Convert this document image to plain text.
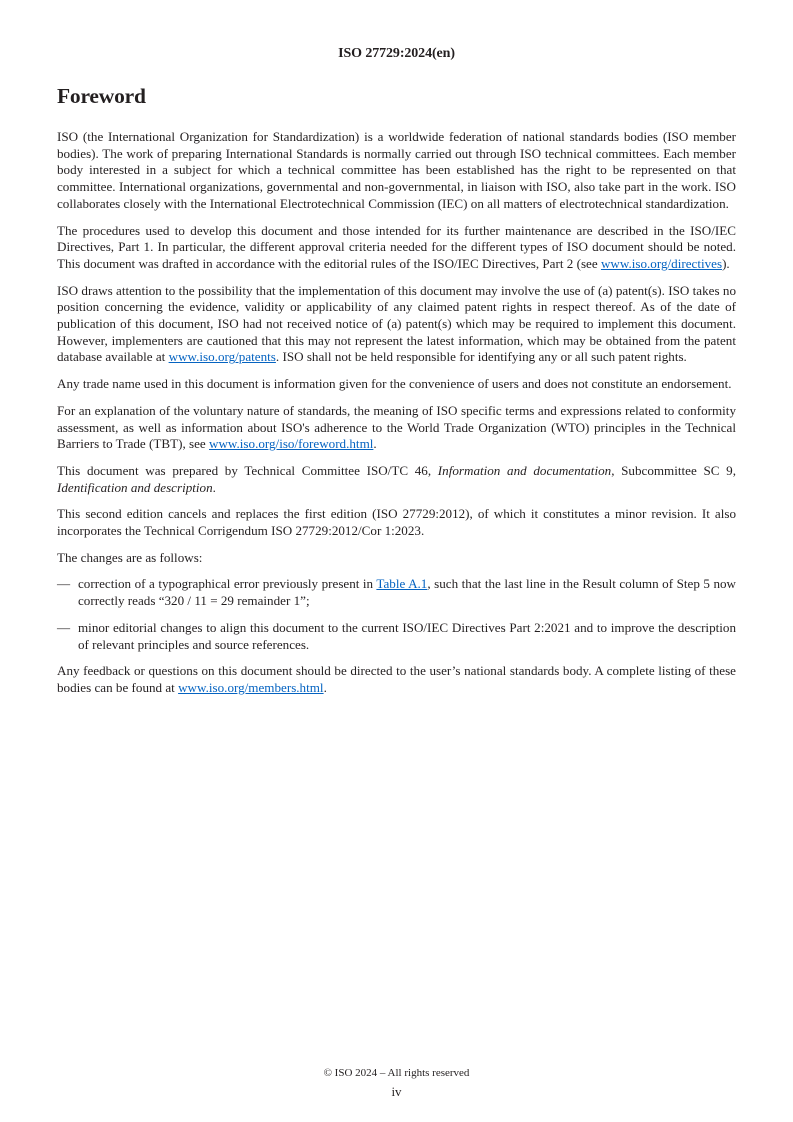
ISO 27729:2024(en)
Foreword

ISO (the International Organization for Standardization) is a worldwide federation of national standards bodies (ISO member bodies). The work of preparing International Standards is normally carried out through ISO technical committees. Each member body interested in a subject for which a technical committee has been established has the right to be represented on that committee. International organizations, governmental and non-governmental, in liaison with ISO, also take part in the work. ISO collaborates closely with the International Electrotechnical Commission (IEC) on all matters of electrotechnical standardization.

The procedures used to develop this document and those intended for its further maintenance are described in the ISO/IEC Directives, Part 1. In particular, the different approval criteria needed for the different types of ISO document should be noted. This document was drafted in accordance with the editorial rules of the ISO/IEC Directives, Part 2 (see www.iso.org/directives).

ISO draws attention to the possibility that the implementation of this document may involve the use of (a) patent(s). ISO takes no position concerning the evidence, validity or applicability of any claimed patent rights in respect thereof. As of the date of publication of this document, ISO had not received notice of (a) patent(s) which may be required to implement this document. However, implementers are cautioned that this may not represent the latest information, which may be obtained from the patent database available at www.iso.org/patents. ISO shall not be held responsible for identifying any or all such patent rights.

Any trade name used in this document is information given for the convenience of users and does not constitute an endorsement.

For an explanation of the voluntary nature of standards, the meaning of ISO specific terms and expressions related to conformity assessment, as well as information about ISO's adherence to the World Trade Organization (WTO) principles in the Technical Barriers to Trade (TBT), see www.iso.org/iso/foreword.html.

This document was prepared by Technical Committee ISO/TC 46, Information and documentation, Subcommittee SC 9, Identification and description.

This second edition cancels and replaces the first edition (ISO 27729:2012), of which it constitutes a minor revision. It also incorporates the Technical Corrigendum ISO 27729:2012/Cor 1:2023.

The changes are as follows:

— correction of a typographical error previously present in Table A.1, such that the last line in the Result column of Step 5 now correctly reads “320 / 11 = 29 remainder 1”;
— minor editorial changes to align this document to the current ISO/IEC Directives Part 2:2021 and to improve the description of relevant principles and source references.

Any feedback or questions on this document should be directed to the user’s national standards body. A complete listing of these bodies can be found at www.iso.org/members.html.

© ISO 2024 – All rights reserved
iv
